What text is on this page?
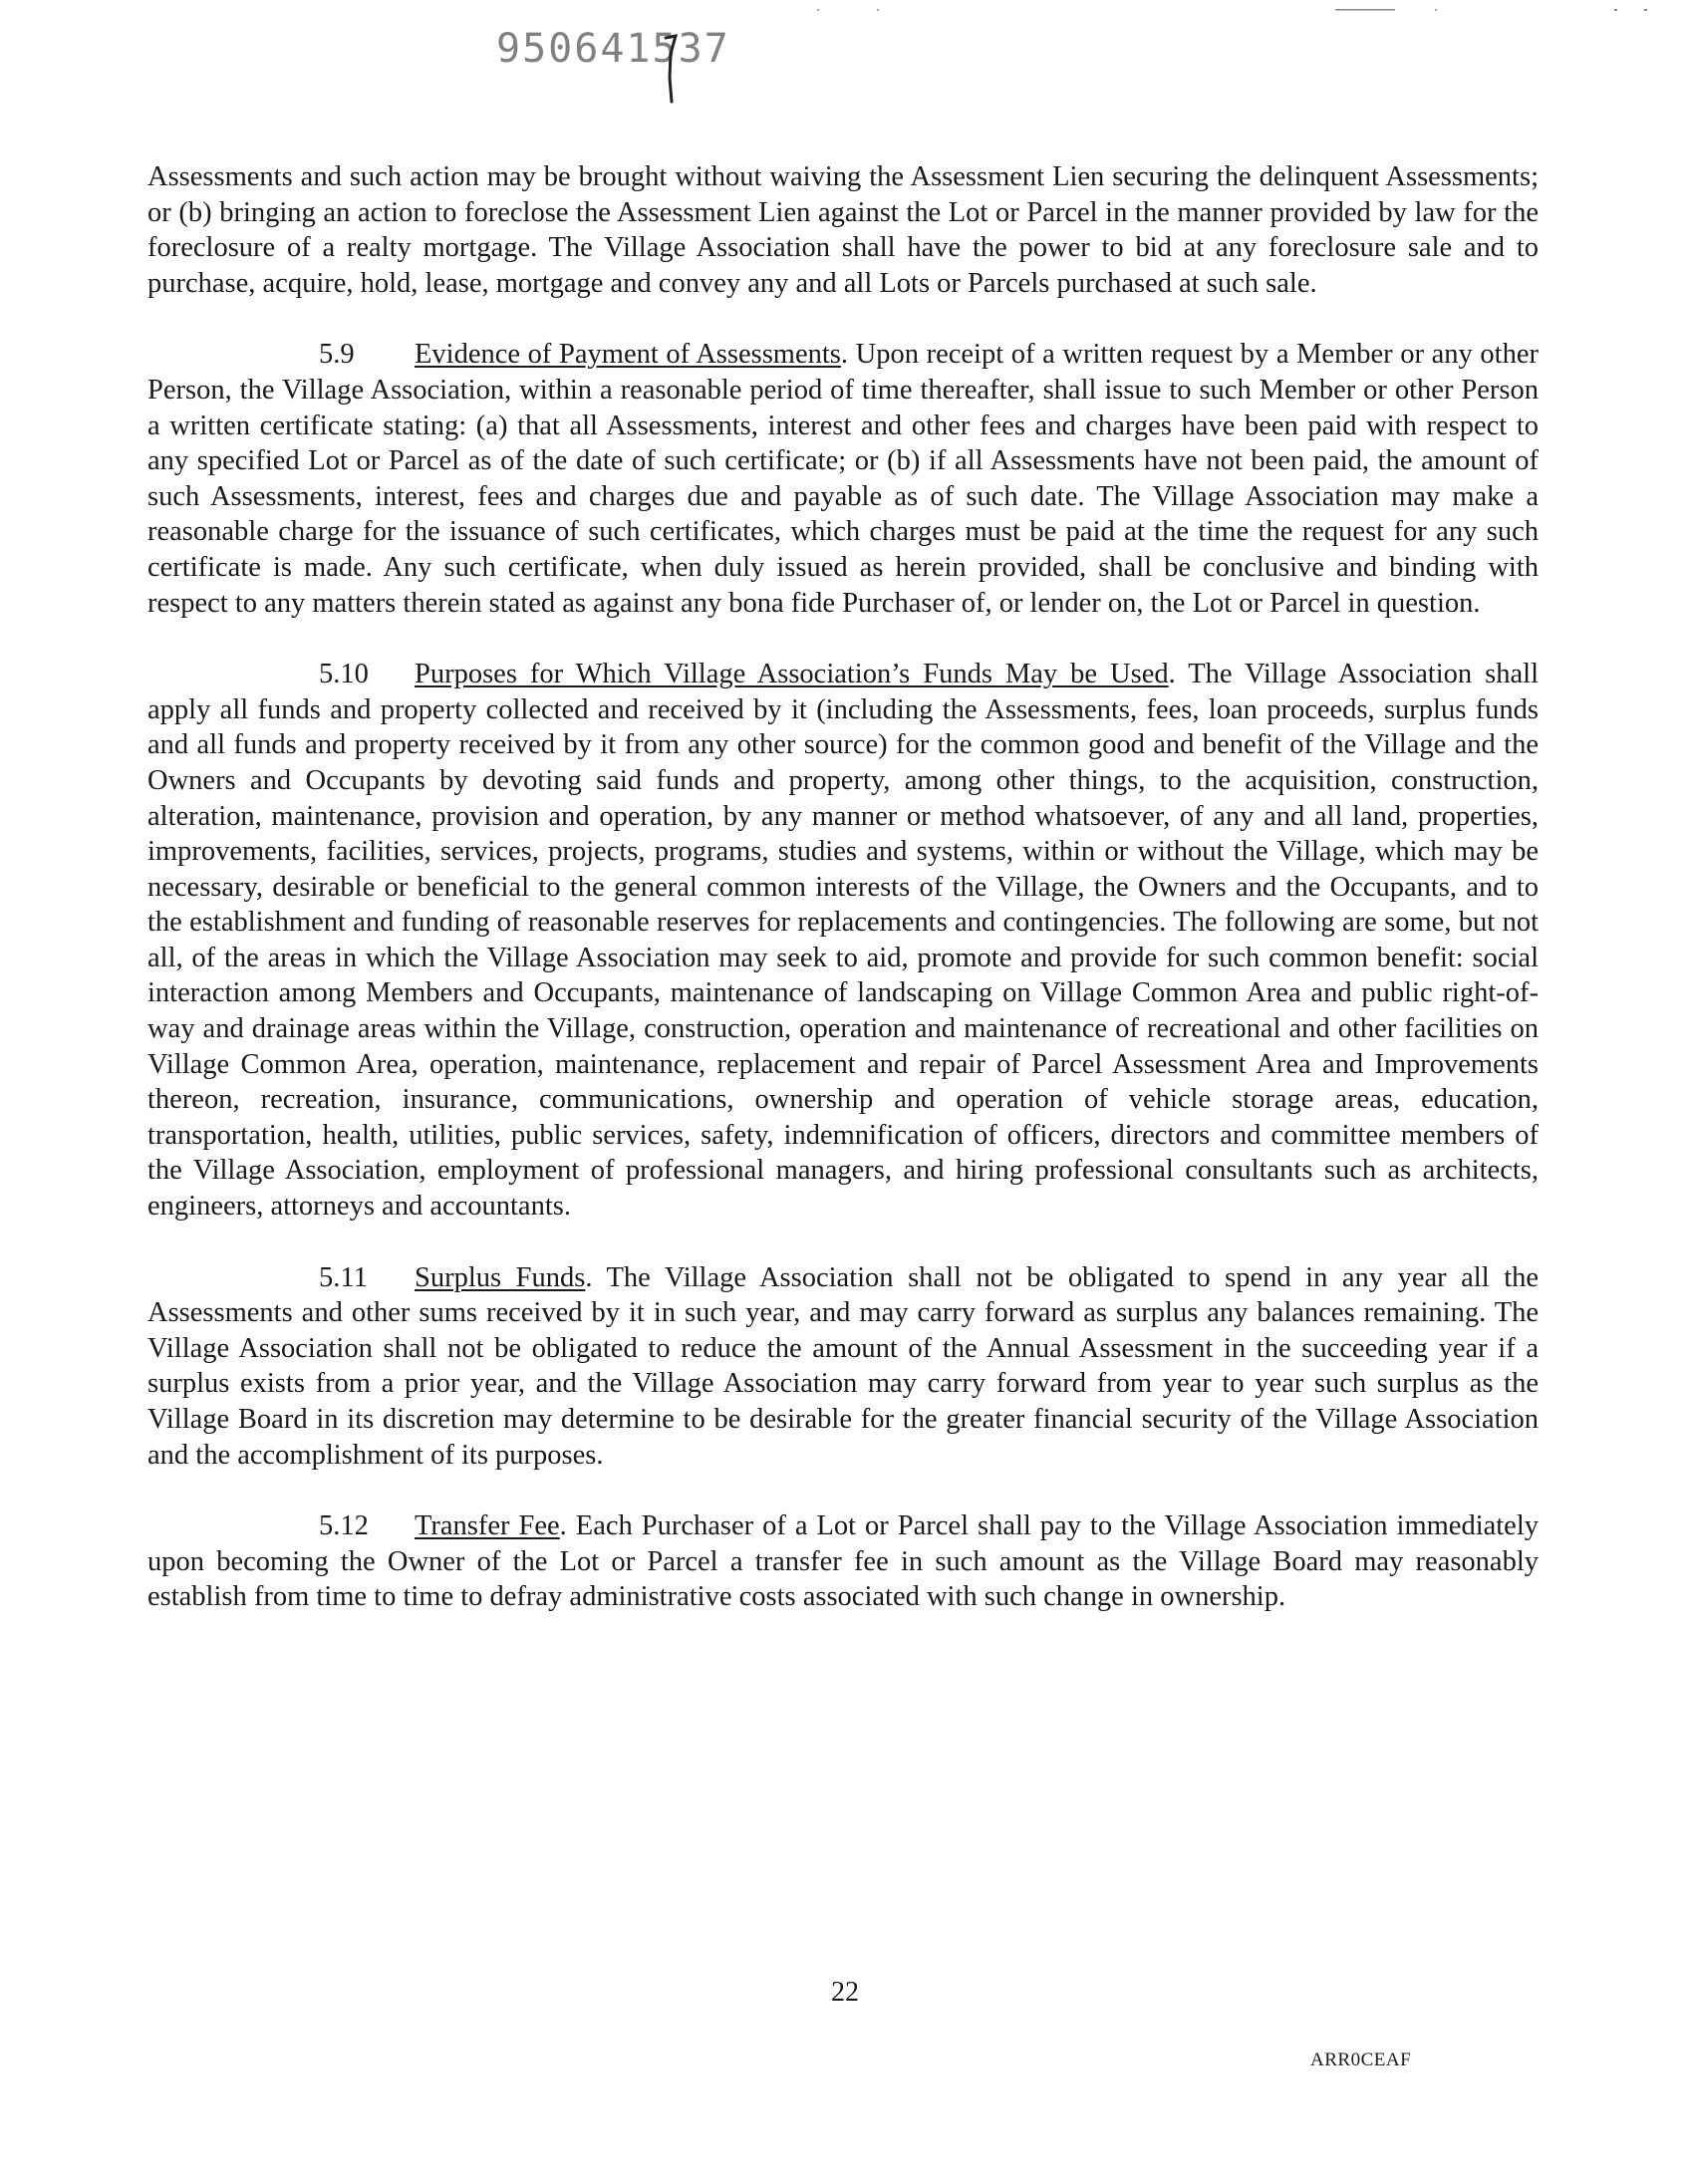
950641537

Assessments and such action may be brought without waiving the Assessment Lien securing the delinquent Assessments; or (b) bringing an action to foreclose the Assessment Lien against the Lot or Parcel in the manner provided by law for the foreclosure of a realty mortgage. The Village Association shall have the power to bid at any foreclosure sale and to purchase, acquire, hold, lease, mortgage and convey any and all Lots or Parcels purchased at such sale.

5.9 Evidence of Payment of Assessments. Upon receipt of a written request by a Member or any other Person, the Village Association, within a reasonable period of time thereafter, shall issue to such Member or other Person a written certificate stating: (a) that all Assessments, interest and other fees and charges have been paid with respect to any specified Lot or Parcel as of the date of such certificate; or (b) if all Assessments have not been paid, the amount of such Assessments, interest, fees and charges due and payable as of such date. The Village Association may make a reasonable charge for the issuance of such certificates, which charges must be paid at the time the request for any such certificate is made. Any such certificate, when duly issued as herein provided, shall be conclusive and binding with respect to any matters therein stated as against any bona fide Purchaser of, or lender on, the Lot or Parcel in question.

5.10 Purposes for Which Village Association’s Funds May be Used. The Village Association shall apply all funds and property collected and received by it (including the Assessments, fees, loan proceeds, surplus funds and all funds and property received by it from any other source) for the common good and benefit of the Village and the Owners and Occupants by devoting said funds and property, among other things, to the acquisition, construction, alteration, maintenance, provision and operation, by any manner or method whatsoever, of any and all land, properties, improvements, facilities, services, projects, programs, studies and systems, within or without the Village, which may be necessary, desirable or beneficial to the general common interests of the Village, the Owners and the Occupants, and to the establishment and funding of reasonable reserves for replacements and contingencies. The following are some, but not all, of the areas in which the Village Association may seek to aid, promote and provide for such common benefit: social interaction among Members and Occupants, maintenance of landscaping on Village Common Area and public right-of-way and drainage areas within the Village, construction, operation and maintenance of recreational and other facilities on Village Common Area, operation, maintenance, replacement and repair of Parcel Assessment Area and Improvements thereon, recreation, insurance, communications, ownership and operation of vehicle storage areas, education, transportation, health, utilities, public services, safety, indemnification of officers, directors and committee members of the Village Association, employment of professional managers, and hiring professional consultants such as architects, engineers, attorneys and accountants.

5.11 Surplus Funds. The Village Association shall not be obligated to spend in any year all the Assessments and other sums received by it in such year, and may carry forward as surplus any balances remaining. The Village Association shall not be obligated to reduce the amount of the Annual Assessment in the succeeding year if a surplus exists from a prior year, and the Village Association may carry forward from year to year such surplus as the Village Board in its discretion may determine to be desirable for the greater financial security of the Village Association and the accomplishment of its purposes.

5.12 Transfer Fee. Each Purchaser of a Lot or Parcel shall pay to the Village Association immediately upon becoming the Owner of the Lot or Parcel a transfer fee in such amount as the Village Board may reasonably establish from time to time to defray administrative costs associated with such change in ownership.

22
ARR0CEAF
